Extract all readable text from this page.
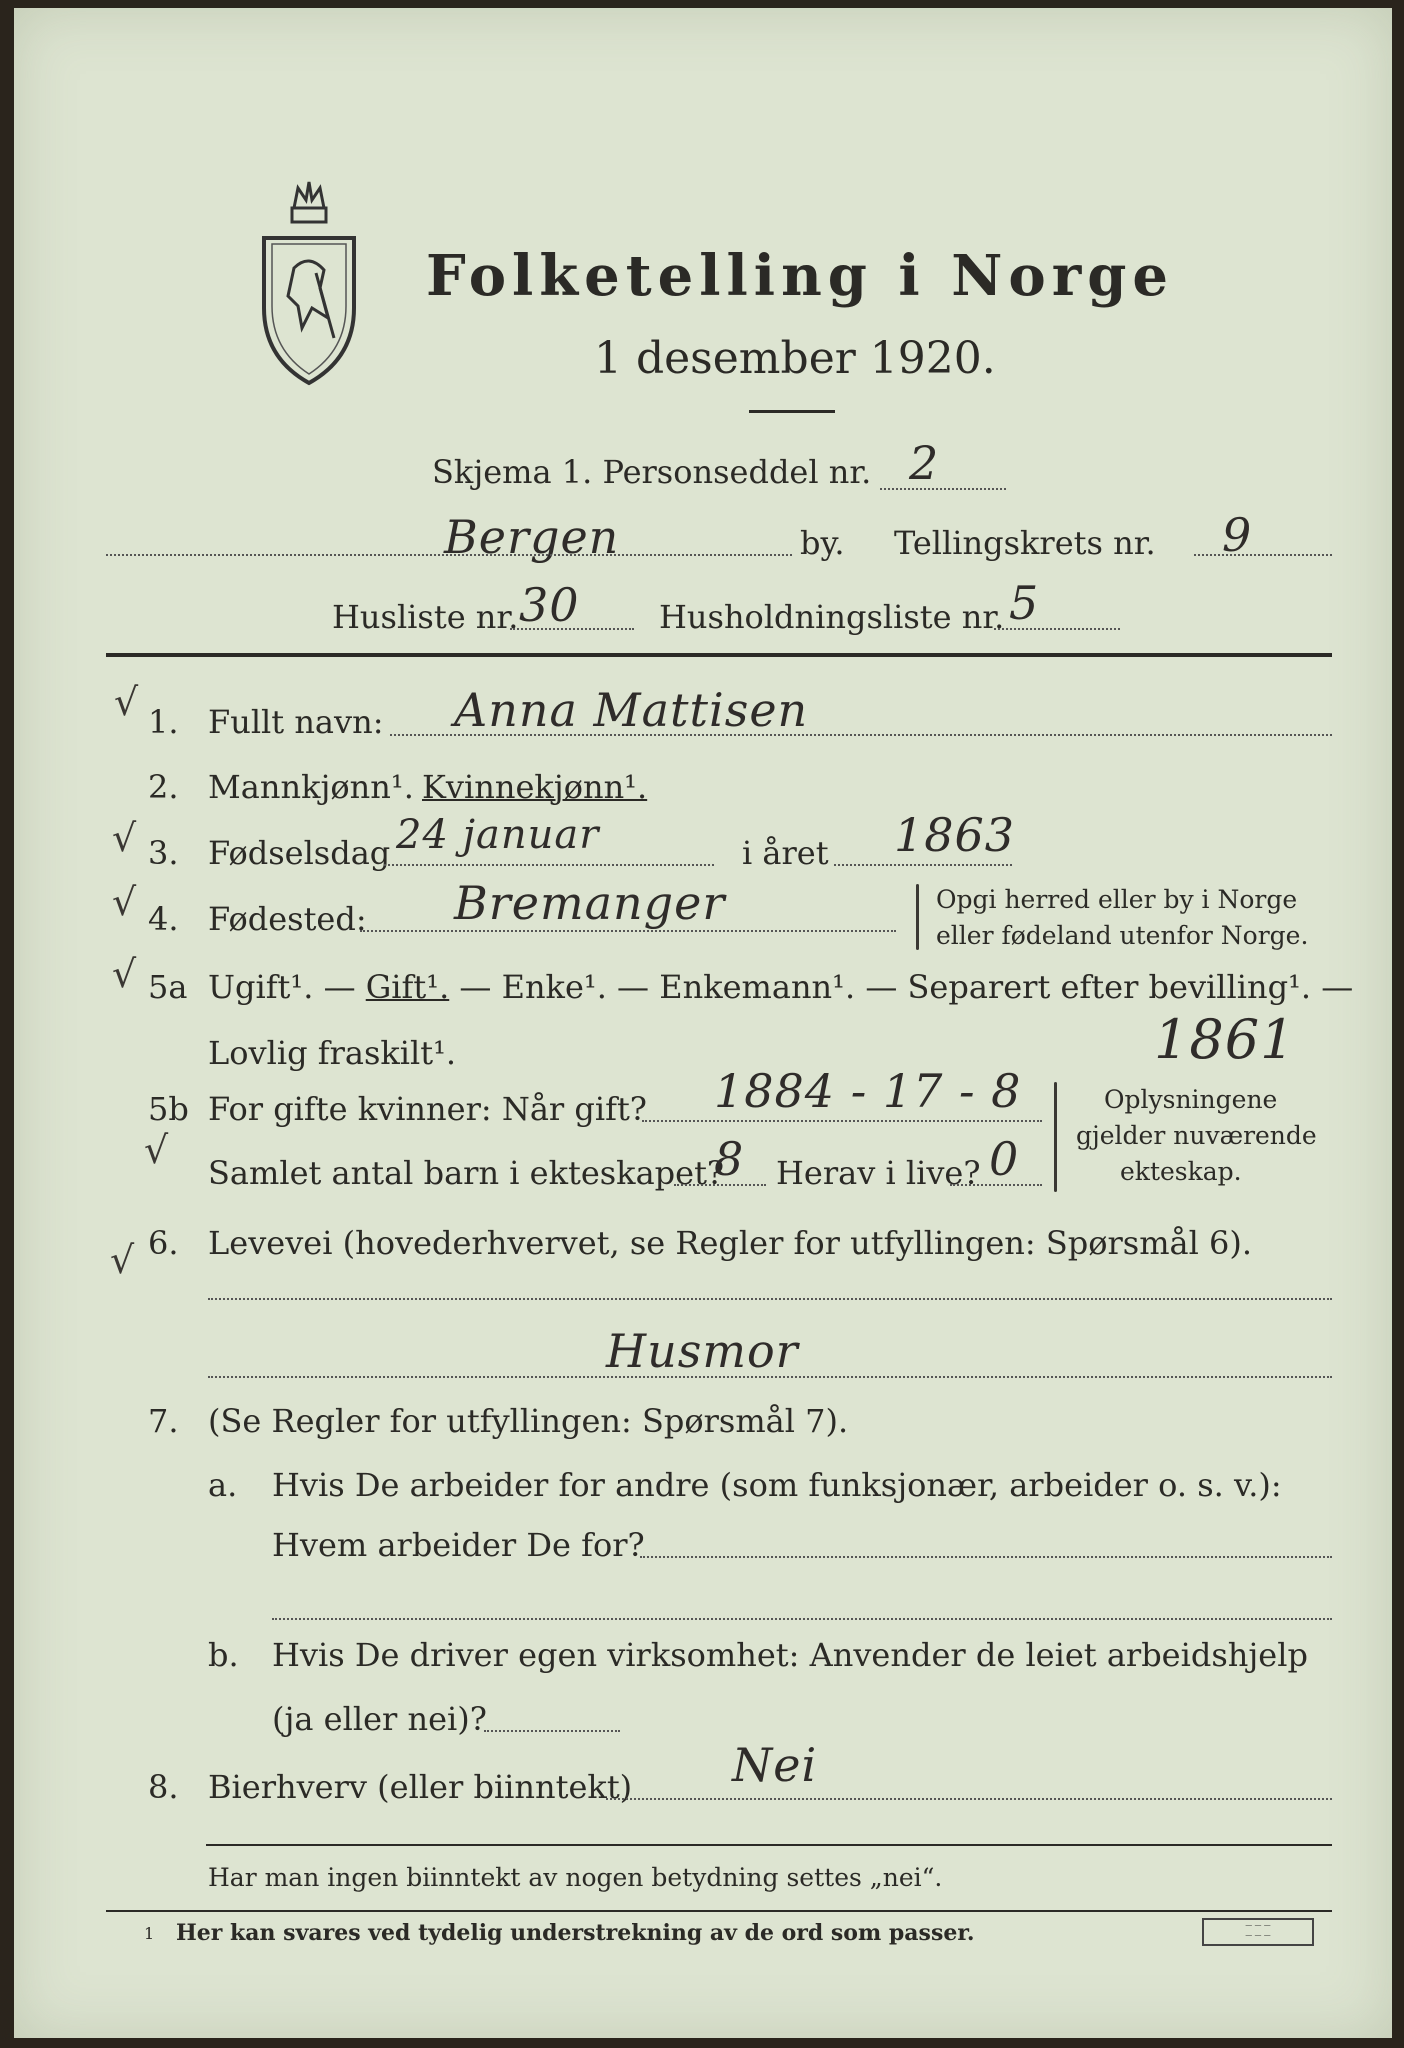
Folketelling i Norge
1 desember 1920.
Skjema 1. Personseddel nr. 2
Bergen	by. Tellingskrets nr. 9
Husliste nr. 30 Husholdningsliste nr. 5
√ 1. Fullt navn: Anna Mattisen
2. Mannkjønn¹. Kvinnekjønn¹.
√ 3. Fødselsdag 24 januar	i året 1863
√ 4. Fødested: Bremanger	Opgi herred eller by i Norge
eller fødeland utenfor Norge.
√ 5a Ugift¹. — Gift¹. — Enke¹. — Enkemann¹. — Separert efter bevilling¹. —
Lovlig fraskilt¹.	1861
5b For gifte kvinner: Når gift? 1884 - 17 - 8
√
Samlet antal barn i ekteskapet?
8 Herav i live? 0
Oplysningene
gjelder nuværende
ekteskap.
6. Levevei (hovederhvervet, se Regler for utfyllingen: Spørsmål 6).
√
Husmor
7. (Se Regler for utfyllingen: Spørsmål 7).
a. Hvis De arbeider for andre (som funksjonær, arbeider o. s. v.):
Hvem arbeider De for?
b. Hvis De driver egen virksomhet: Anvender de leiet arbeidshjelp
(ja eller nei)?
8. Bierhverv (eller biinntekt) Nei
Har man ingen biinntekt av nogen betydning settes „nei“.
1 Her kan svares ved tydelig understrekning av de ord som passer.	— — —
— — —
